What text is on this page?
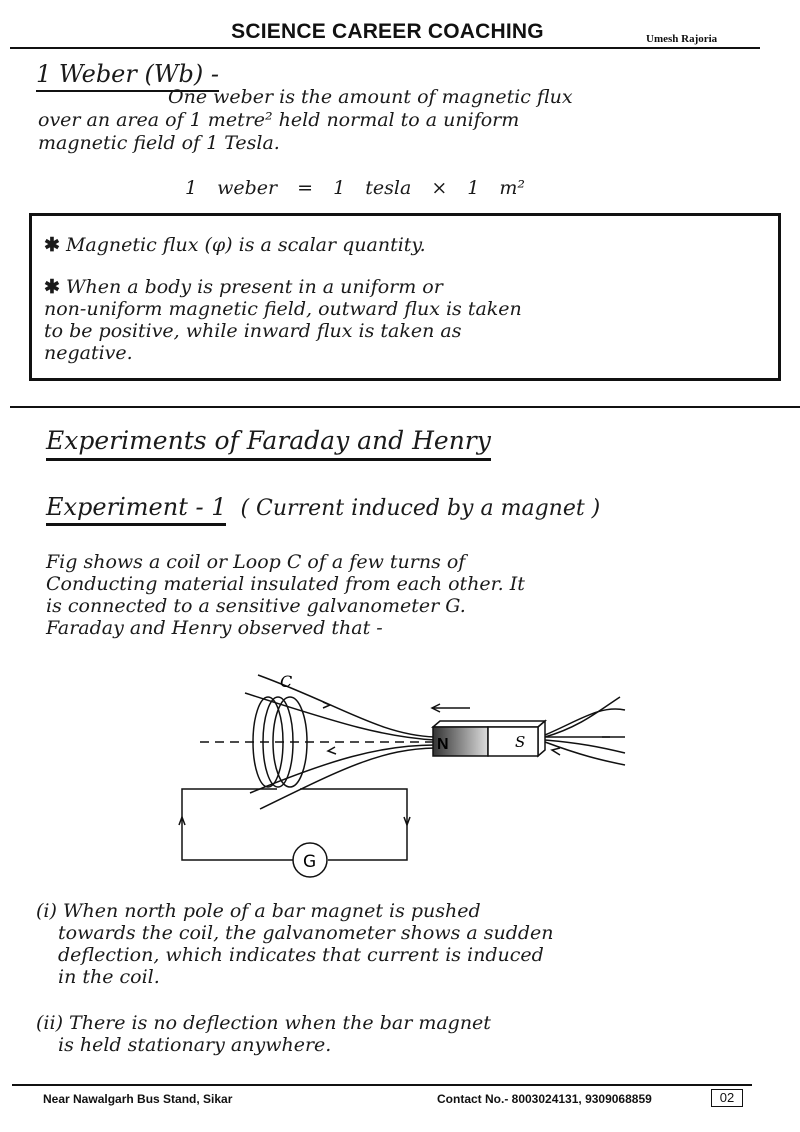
SCIENCE CAREER COACHING	Umesh Rajoria
1 Weber (Wb) -
One weber is the amount of magnetic flux
over an area of 1 metre² held normal to a uniform
magnetic field of 1 Tesla.
1 weber = 1 tesla × 1 m²
✱ Magnetic flux (φ) is a scalar quantity.
✱ When a body is present in a uniform or
non-uniform magnetic field, outward flux is taken
to be positive, while inward flux is taken as
negative.
Experiments of Faraday and Henry
Experiment - 1 ( Current induced by a magnet )
Fig shows a coil or Loop C of a few turns of
Conducting material insulated from each other. It
is connected to a sensitive galvanometer G.
Faraday and Henry observed that -
N	S
C
G
(i) When north pole of a bar magnet is pushed
towards the coil, the galvanometer shows a sudden
deflection, which indicates that current is induced
in the coil.
(ii) There is no deflection when the bar magnet
is held stationary anywhere.
Near Nawalgarh Bus Stand, Sikar	Contact No.- 8003024131, 9309068859	02
